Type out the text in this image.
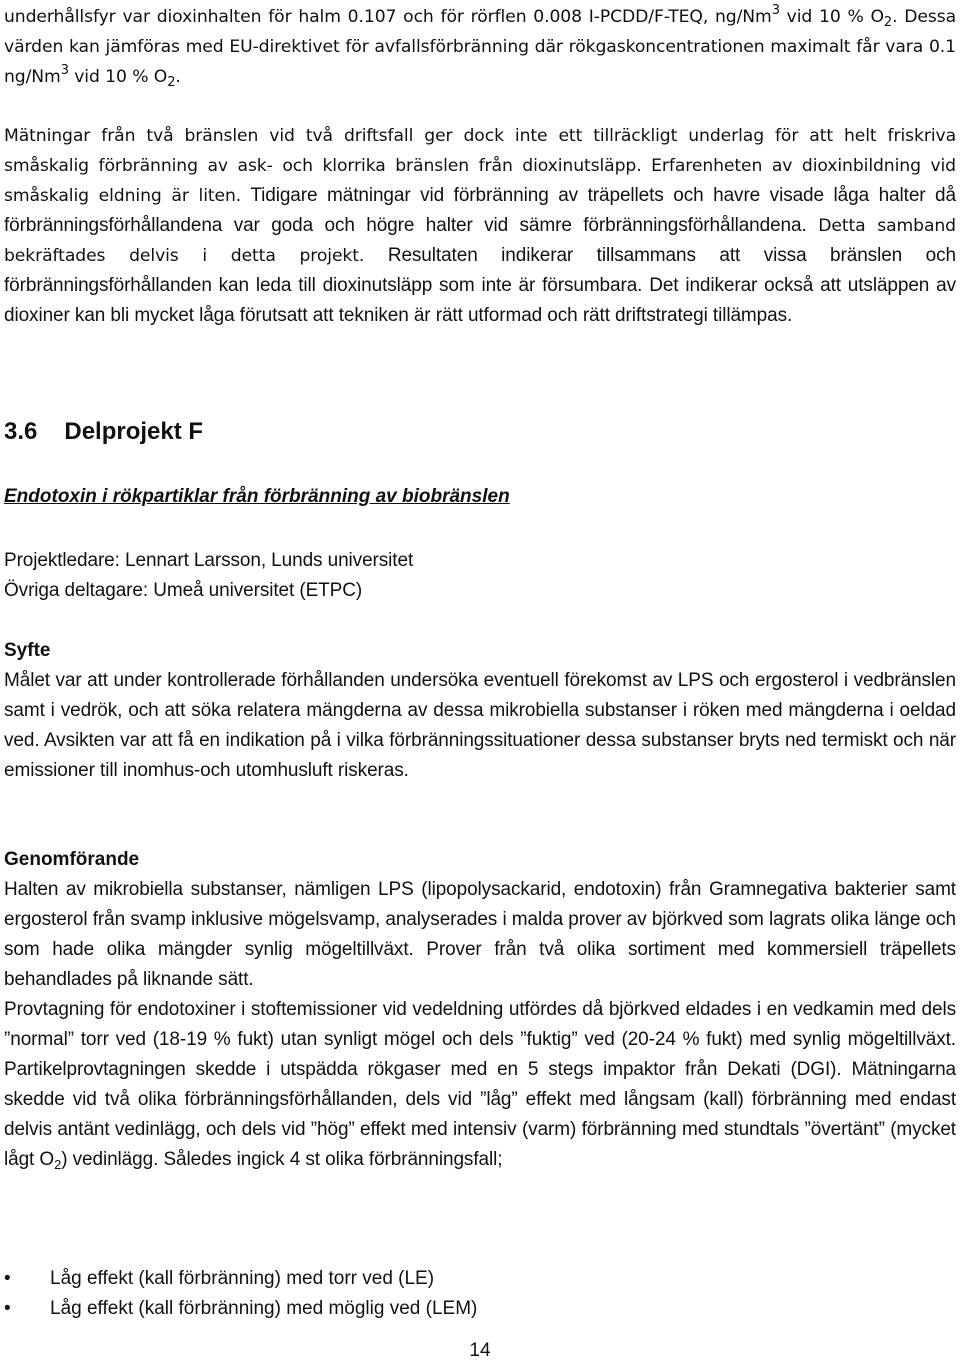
underhållsfyr var dioxinhalten för halm 0.107 och för rörflen 0.008 I-PCDD/F-TEQ, ng/Nm$^3$ vid 10 % $O_2$. Dessa värden kan jämföras med EU-direktivet för avfallsförbränning där rökgaskoncentrationen maximalt får vara 0.1 ng/Nm$^3$ vid 10 % $O_2$.

Mätningar från två bränslen vid två driftsfall ger dock inte ett tillräckligt underlag för att helt friskriva småskalig förbränning av ask- och klorrika bränslen från dioxinutsläpp. Erfarenheten av dioxinbildning vid småskalig eldning är liten. Tidigare mätningar vid förbränning av träpellets och havre visade låga halter då förbränningsförhållandena var goda och högre halter vid sämre förbränningsförhållandena. Detta samband bekräftades delvis i detta projekt. Resultaten indikerar tillsammans att vissa bränslen och förbränningsförhållanden kan leda till dioxinutsläpp som inte är försumbara. Det indikerar också att utsläppen av dioxiner kan bli mycket låga förutsatt att tekniken är rätt utformad och rätt driftstrategi tillämpas.

3.6 Delprojekt F
Endotoxin i rökpartiklar från förbränning av biobränslen
Projektledare: Lennart Larsson, Lunds universitet
Övriga deltagare: Umeå universitet (ETPC)
Syfte

Målet var att under kontrollerade förhållanden undersöka eventuell förekomst av LPS och ergosterol i vedbränslen samt i vedrök, och att söka relatera mängderna av dessa mikrobiella substanser i röken med mängderna i oeldad ved. Avsikten var att få en indikation på i vilka förbränningssituationer dessa substanser bryts ned termiskt och när emissioner till inomhus-och utomhusluft riskeras.

Genomförande

Halten av mikrobiella substanser, nämligen LPS (lipopolysackarid, endotoxin) från Gramnegativa bakterier samt ergosterol från svamp inklusive mögelsvamp, analyserades i malda prover av björkved som lagrats olika länge och som hade olika mängder synlig mögeltillväxt. Prover från två olika sortiment med kommersiell träpellets behandlades på liknande sätt.

Provtagning för endotoxiner i stoftemissioner vid vedeldning utfördes då björkved eldades i en vedkamin med dels ”normal” torr ved (18-19 % fukt) utan synligt mögel och dels ”fuktig” ved (20-24 % fukt) med synlig mögeltillväxt. Partikelprovtagningen skedde i utspädda rökgaser med en 5 stegs impaktor från Dekati (DGI). Mätningarna skedde vid två olika förbränningsförhållanden, dels vid ”låg” effekt med långsam (kall) förbränning med endast delvis antänt vedinlägg, och dels vid ”hög” effekt med intensiv (varm) förbränning med stundtals ”övertänt” (mycket lågt $O_2$) vedinlägg. Således ingick 4 st olika förbränningsfall;

• Låg effekt (kall förbränning) med torr ved (LE)
• Låg effekt (kall förbränning) med möglig ved (LEM)
14
